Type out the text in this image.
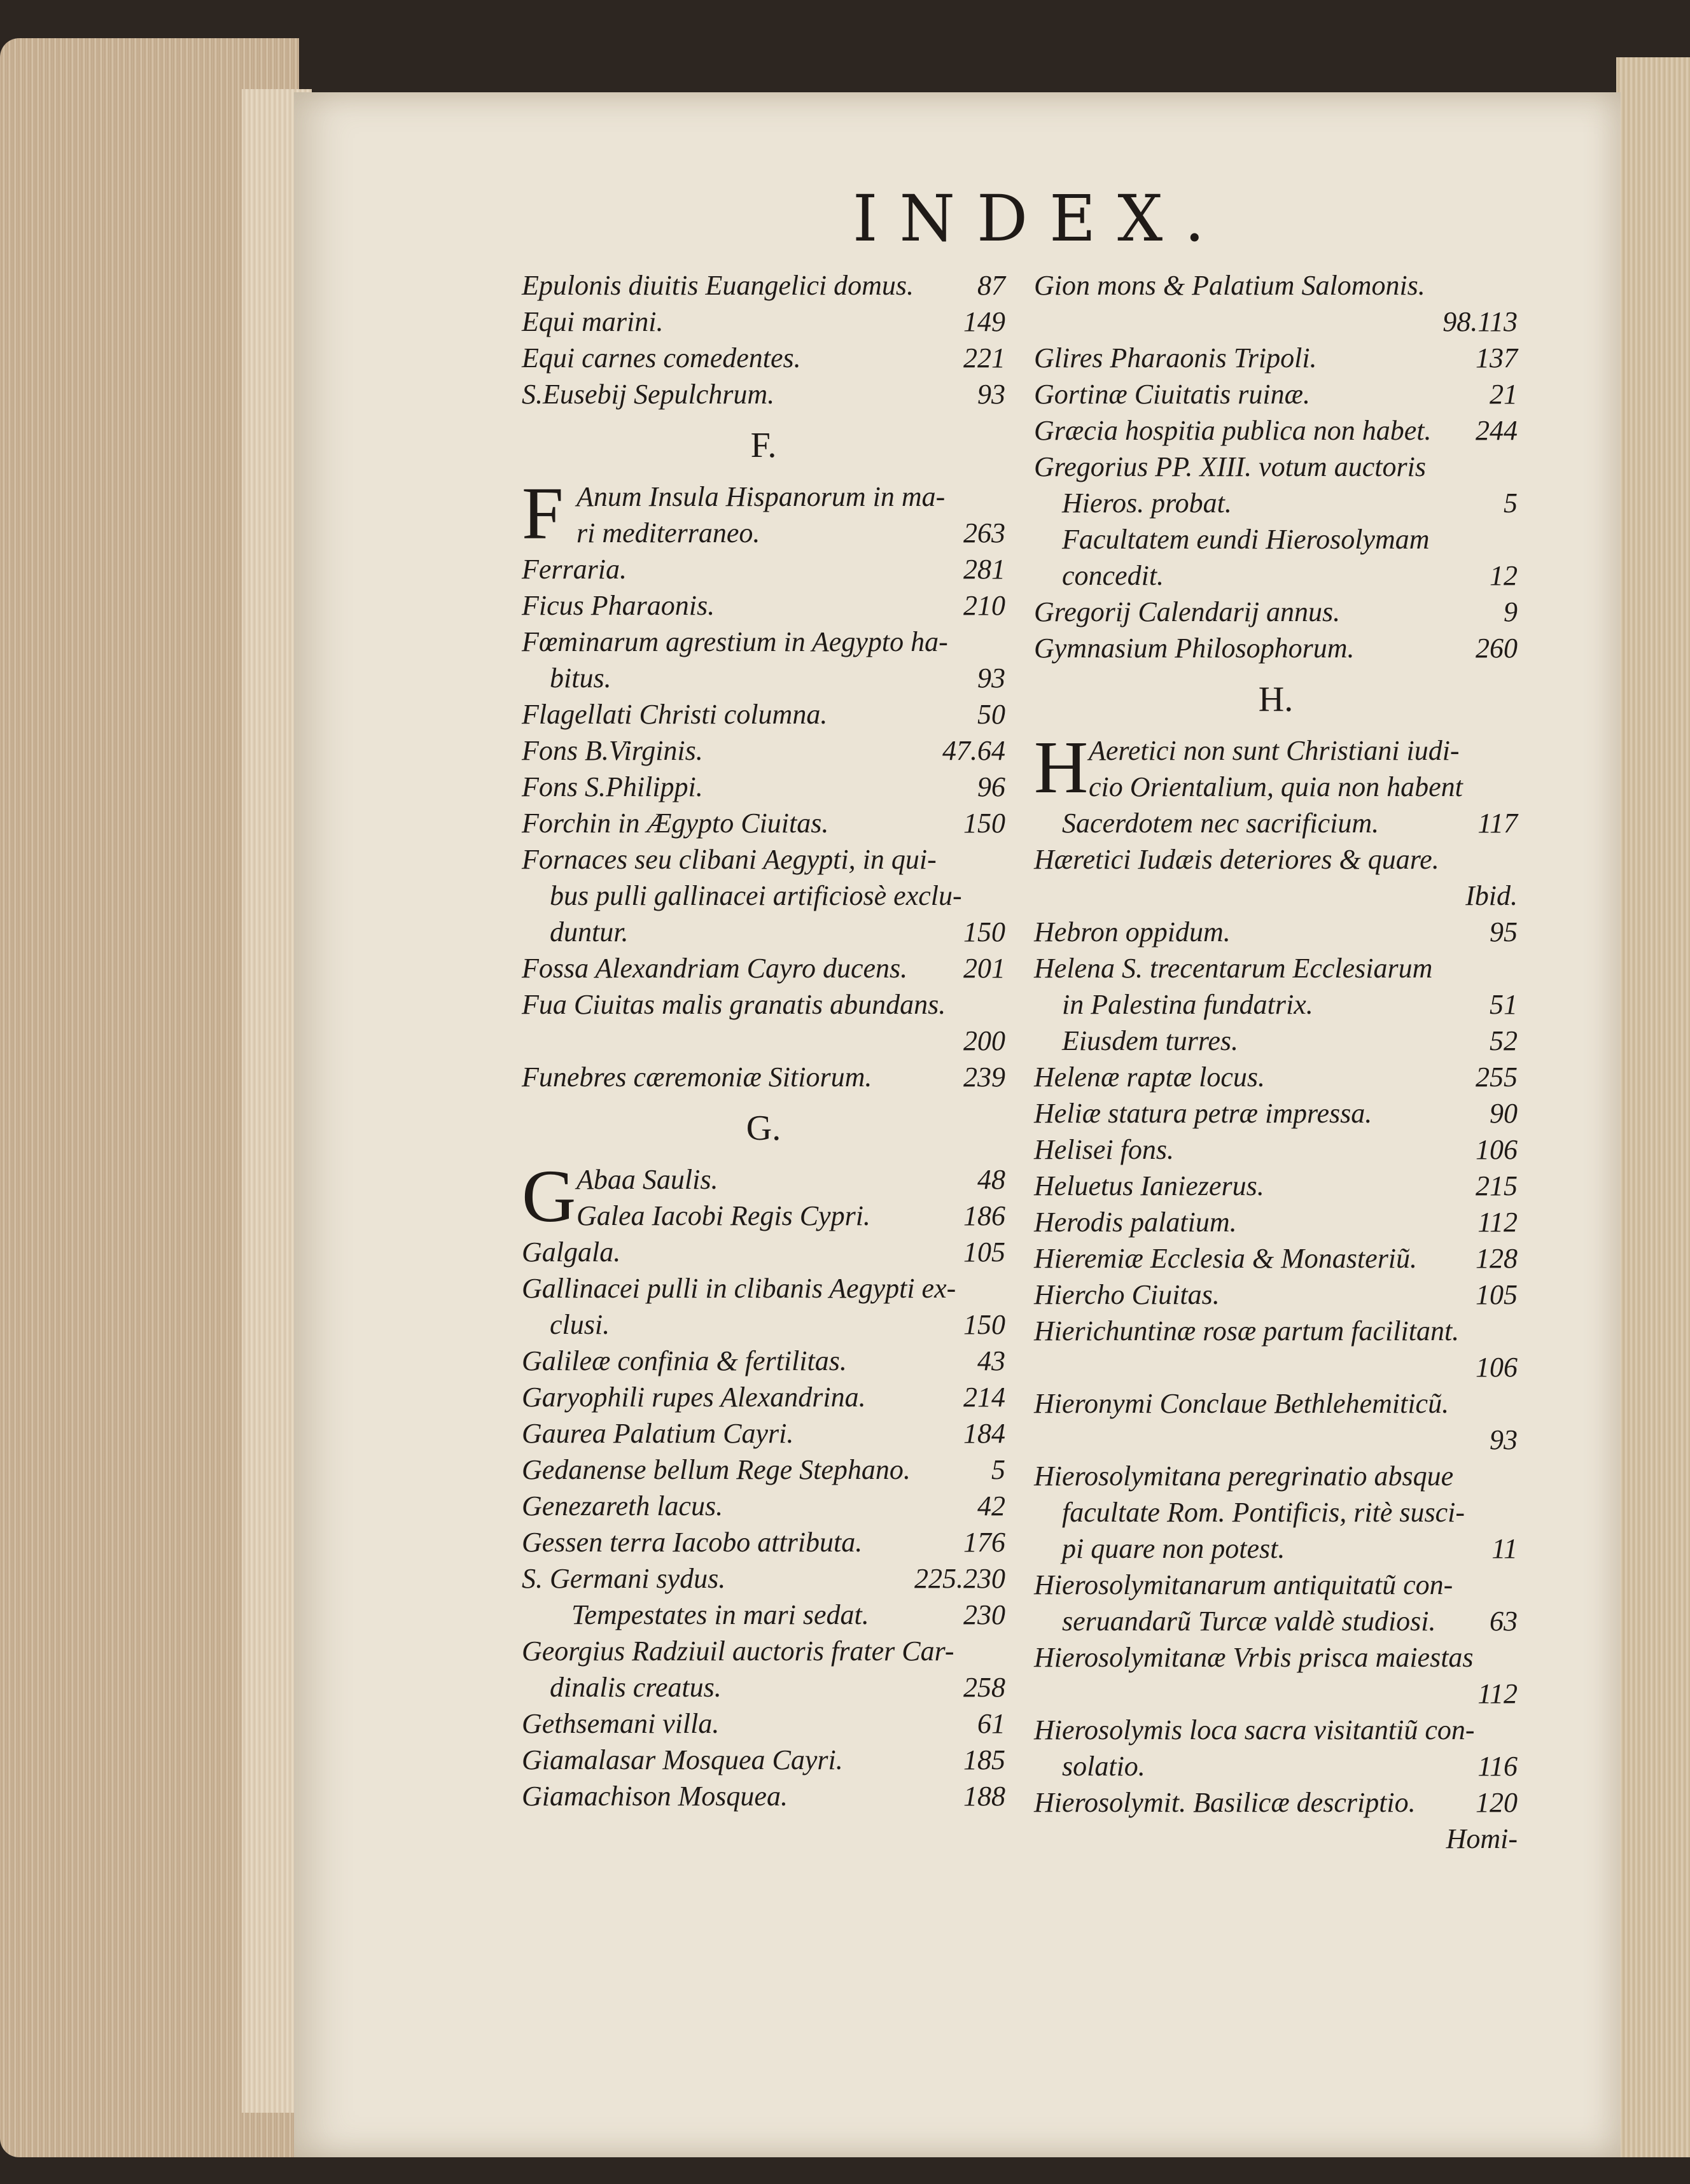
INDEX.
Epulonis diuitis Euangelici domus. 87
Equi marini.	149
Equi carnes comedentes.	221
S.Eusebij Sepulchrum.	93
F.
F Anum Insula Hispanorum in ma-
ri mediterraneo.	263
Ferraria.	281
Ficus Pharaonis.	210
Fœminarum agrestium in Aegypto ha-
bitus.	93
Flagellati Christi columna.	50
Fons B.Virginis.	47.64
Fons S.Philippi.	96
Forchin in Ægypto Ciuitas.	150
Fornaces seu clibani Aegypti, in qui-
bus pulli gallinacei artificiosè exclu-
duntur.	150
Fossa Alexandriam Cayro ducens. 201
Fua Ciuitas malis granatis abundans.
200
Funebres cæremoniæ Sitiorum.	239
G.
G Abaa Saulis.	48
Galea Iacobi Regis Cypri.	186
Galgala.	105
Gallinacei pulli in clibanis Aegypti ex-
clusi.	150
Galileæ confinia & fertilitas.	43
Garyophili rupes Alexandrina.	214
Gaurea Palatium Cayri.	184
Gedanense bellum Rege Stephano.	5
Genezareth lacus.	42
Gessen terra Iacobo attributa.	176
S. Germani sydus.	225.230
Tempestates in mari sedat.	230
Georgius Radziuil auctoris frater Car-
dinalis creatus.	258
Gethsemani villa.	61
Giamalasar Mosquea Cayri.	185
Giamachison Mosquea.	188
Gion mons & Palatium Salomonis.
98.113
Glires Pharaonis Tripoli.	137
Gortinæ Ciuitatis ruinæ.	21
Græcia hospitia publica non habet. 244
Gregorius PP. XIII. votum auctoris
Hieros. probat.	5
Facultatem eundi Hierosolymam
concedit.	12
Gregorij Calendarij annus.	9
Gymnasium Philosophorum.	260
H.
H Aeretici non sunt Christiani iudi-
cio Orientalium, quia non habent
Sacerdotem nec sacrificium.	117
Hæretici Iudæis deteriores & quare.
Ibid.
Hebron oppidum.	95
Helena S. trecentarum Ecclesiarum
in Palestina fundatrix.	51
Eiusdem turres.	52
Helenæ raptæ locus.	255
Heliæ statura petræ impressa.	90
Helisei fons.	106
Heluetus Ianiezerus.	215
Herodis palatium.	112
Hieremiæ Ecclesia & Monasteriũ. 128
Hiercho Ciuitas.	105
Hierichuntinæ rosæ partum facilitant.
106
Hieronymi Conclaue Bethlehemiticũ.
93
Hierosolymitana peregrinatio absque
facultate Rom. Pontificis, ritè susci-
pi quare non potest.	11
Hierosolymitanarum antiquitatũ con-
seruandarũ Turcæ valdè studiosi. 63
Hierosolymitanæ Vrbis prisca maiestas
112
Hierosolymis loca sacra visitantiũ con-
solatio.	116
Hierosolymit. Basilicæ descriptio. 120
Homi-
